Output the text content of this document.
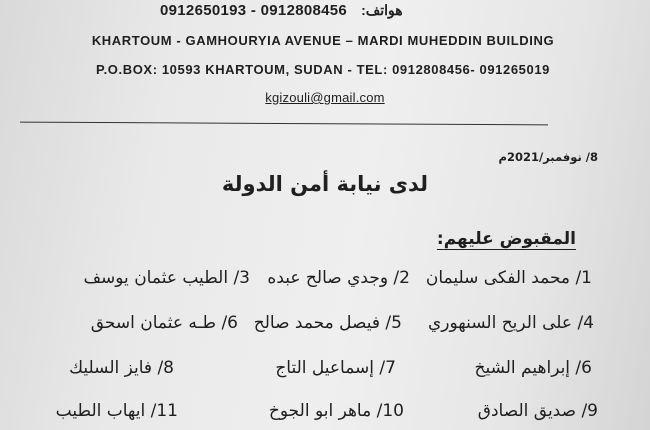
0912650193 - 0912808456 هواتف:
KHARTOUM - GAMHOURYIA AVENUE – MARDI MUHEDDIN BUILDING
P.O.BOX: 10593 KHARTOUM, SUDAN - TEL: 0912808456- 091265019
kgizouli@gmail.com
8/ نوفمبر/2021م
لدى نيابة أمن الدولة
المقبوض عليهم:
1/ محمد الفكى سليمان
2/ وجدي صالح عبده
3/ الطيب عثمان يوسف
4/ على الريح السنهوري
5/ فيصل محمد صالح
6/ طـه عثمان اسحق
6/ إبراهيم الشيخ
7/ إسماعيل التاج
8/ فايز السليك
9/ صديق الصادق
10/ ماهر ابو الجوخ
11/ ايهاب الطيب
